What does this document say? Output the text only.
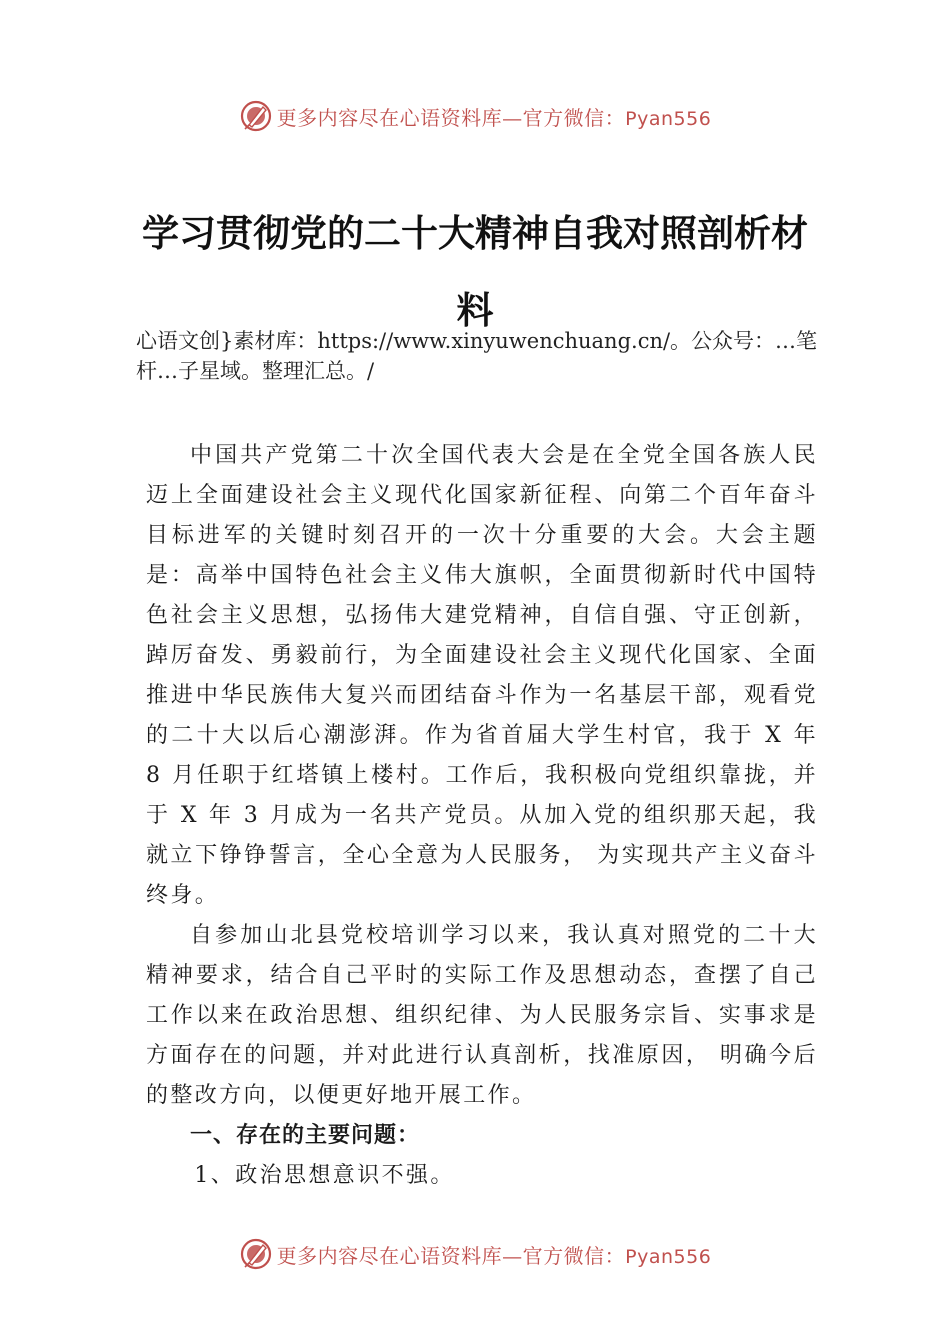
更多内容尽在心语资料库—官方微信：Pyan556
学习贯彻党的二十大精神自我对照剖析材
料

心语文创}素材库：https://www.xinyuwenchuang.cn/。公众号：…笔杆…子星域。整理汇总。/

中国共产党第二十次全国代表大会是在全党全国各族人民迈上全面建设社会主义现代化国家新征程、向第二个百年奋斗目标进军的关键时刻召开的一次十分重要的大会。大会主题是：高举中国特色社会主义伟大旗帜，全面贯彻新时代中国特色社会主义思想，弘扬伟大建党精神，自信自强、守正创新，踔厉奋发、勇毅前行，为全面建设社会主义现代化国家、全面推进中华民族伟大复兴而团结奋斗作为一名基层干部，观看党的二十大以后心潮澎湃。作为省首届大学生村官，我于 X 年 8 月任职于红塔镇上楼村。工作后，我积极向党组织靠拢，并于 X 年 3 月成为一名共产党员。从加入党的组织那天起，我就立下铮铮誓言，全心全意为人民服务， 为实现共产主义奋斗终身。

自参加山北县党校培训学习以来，我认真对照党的二十大精神要求，结合自己平时的实际工作及思想动态，查摆了自己工作以来在政治思想、组织纪律、为人民服务宗旨、实事求是方面存在的问题，并对此进行认真剖析，找准原因， 明确今后的整改方向，以便更好地开展工作。

一、存在的主要问题：

1、政治思想意识不强。

更多内容尽在心语资料库—官方微信：Pyan556
